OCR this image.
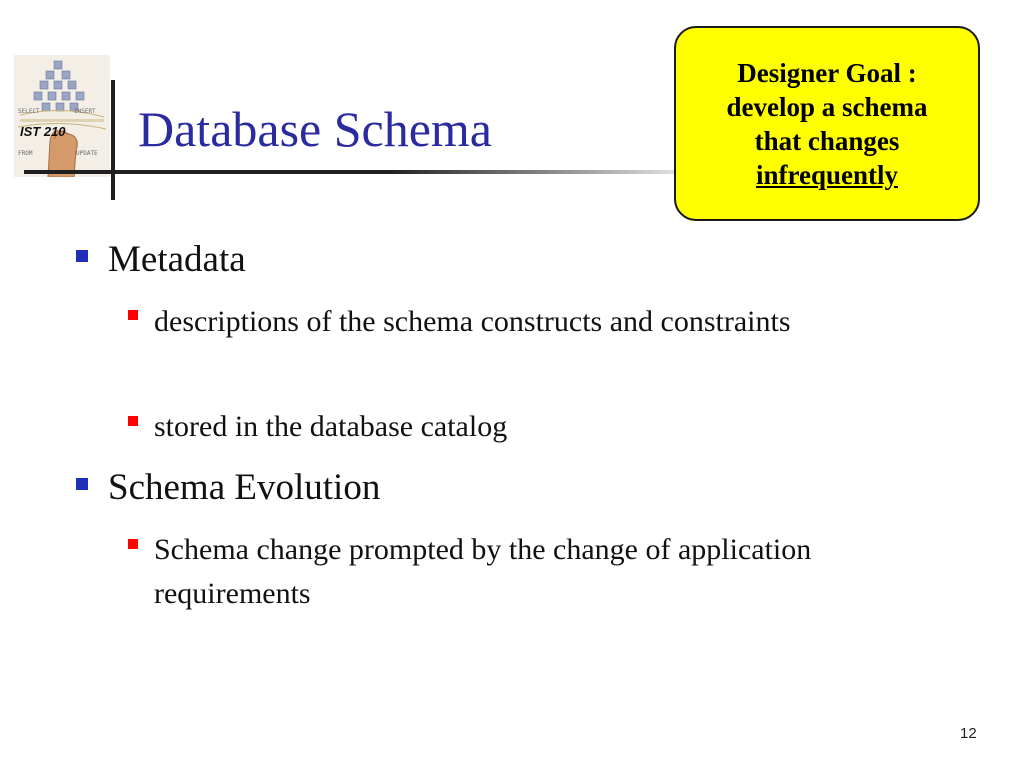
SELECT	INSERT
FROM	UPDATE
IST 210 Database Schema
Designer Goal :
develop a schema
that changes
infrequently
Metadata
descriptions of the schema constructs and constraints
stored in the database catalog
Schema Evolution
Schema change prompted by the change of application requirements
12
